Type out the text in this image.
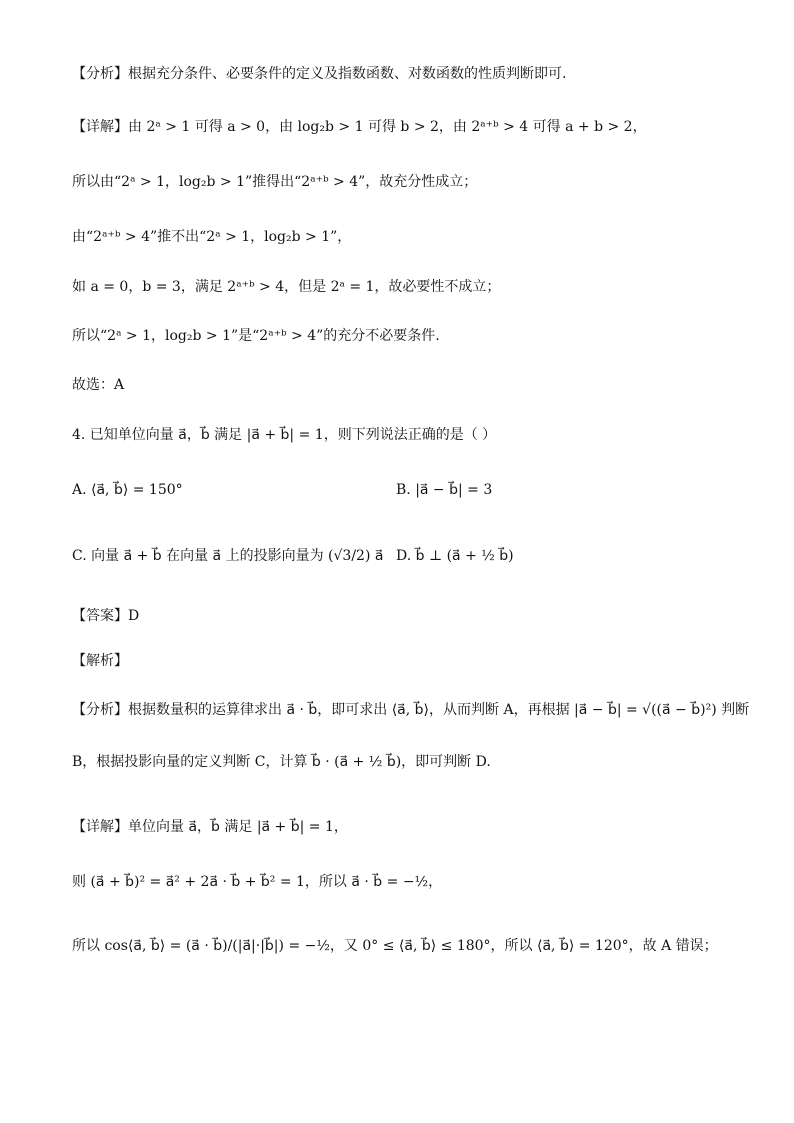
【分析】根据充分条件、必要条件的定义及指数函数、对数函数的性质判断即可.
【详解】由 2ᵃ > 1 可得 a > 0，由 log₂b > 1 可得 b > 2，由 2ᵃ⁺ᵇ > 4 可得 a + b > 2，
所以由“2ᵃ > 1，log₂b > 1”推得出“2ᵃ⁺ᵇ > 4”，故充分性成立；
由“2ᵃ⁺ᵇ > 4”推不出“2ᵃ > 1，log₂b > 1”，
如 a = 0，b = 3，满足 2ᵃ⁺ᵇ > 4，但是 2ᵃ = 1，故必要性不成立；
所以“2ᵃ > 1，log₂b > 1”是“2ᵃ⁺ᵇ > 4”的充分不必要条件.
故选：A
4. 已知单位向量 a⃗，b⃗ 满足 |a⃗ + b⃗| = 1，则下列说法正确的是（ ）
A. ⟨a⃗, b⃗⟩ = 150°	B. |a⃗ − b⃗| = 3
C. 向量 a⃗ + b⃗ 在向量 a⃗ 上的投影向量为 (√3/2) a⃗ D. b⃗ ⊥ (a⃗ + ½ b⃗)
【答案】D
【解析】
【分析】根据数量积的运算律求出 a⃗ · b⃗，即可求出 ⟨a⃗, b⃗⟩，从而判断 A，再根据 |a⃗ − b⃗| = √((a⃗ − b⃗)²) 判断
B，根据投影向量的定义判断 C，计算 b⃗ · (a⃗ + ½ b⃗)，即可判断 D.
【详解】单位向量 a⃗，b⃗ 满足 |a⃗ + b⃗| = 1，
则 (a⃗ + b⃗)² = a⃗² + 2a⃗ · b⃗ + b⃗² = 1，所以 a⃗ · b⃗ = −½，
所以 cos⟨a⃗, b⃗⟩ = (a⃗ · b⃗)/(|a⃗|·|b⃗|) = −½，又 0° ≤ ⟨a⃗, b⃗⟩ ≤ 180°，所以 ⟨a⃗, b⃗⟩ = 120°，故 A 错误；
